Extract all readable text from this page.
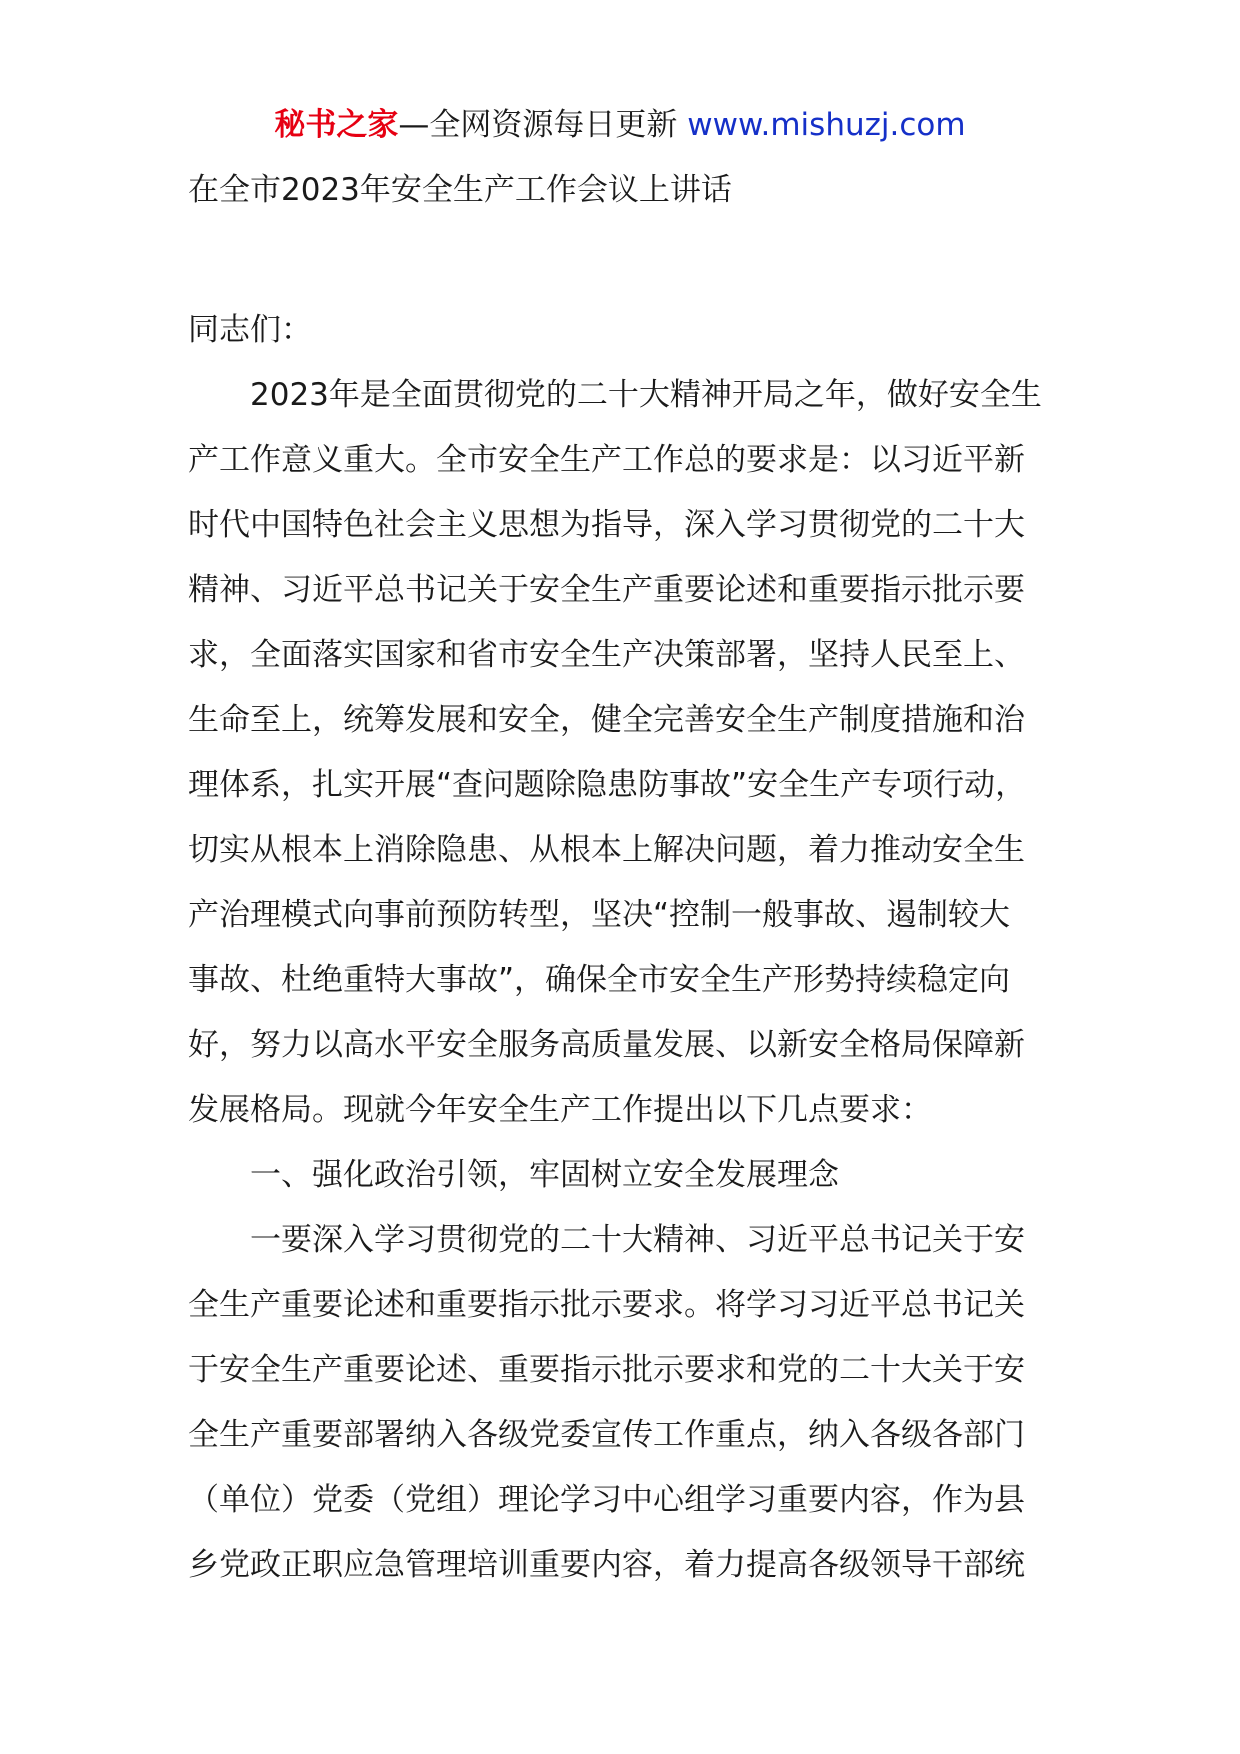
秘书之家—全网资源每日更新 www.mishuzj.com
在全市2023年安全生产工作会议上讲话
同志们：
2023年是全面贯彻党的二十大精神开局之年，做好安全生
产工作意义重大。全市安全生产工作总的要求是：以习近平新
时代中国特色社会主义思想为指导，深入学习贯彻党的二十大
精神、习近平总书记关于安全生产重要论述和重要指示批示要
求，全面落实国家和省市安全生产决策部署，坚持人民至上、
生命至上，统筹发展和安全，健全完善安全生产制度措施和治
理体系，扎实开展“查问题除隐患防事故”安全生产专项行动，
切实从根本上消除隐患、从根本上解决问题，着力推动安全生
产治理模式向事前预防转型，坚决“控制一般事故、遏制较大
事故、杜绝重特大事故”，确保全市安全生产形势持续稳定向
好，努力以高水平安全服务高质量发展、以新安全格局保障新
发展格局。现就今年安全生产工作提出以下几点要求：
一、强化政治引领，牢固树立安全发展理念
一要深入学习贯彻党的二十大精神、习近平总书记关于安
全生产重要论述和重要指示批示要求。将学习习近平总书记关
于安全生产重要论述、重要指示批示要求和党的二十大关于安
全生产重要部署纳入各级党委宣传工作重点，纳入各级各部门
（单位）党委（党组）理论学习中心组学习重要内容，作为县
乡党政正职应急管理培训重要内容，着力提高各级领导干部统
